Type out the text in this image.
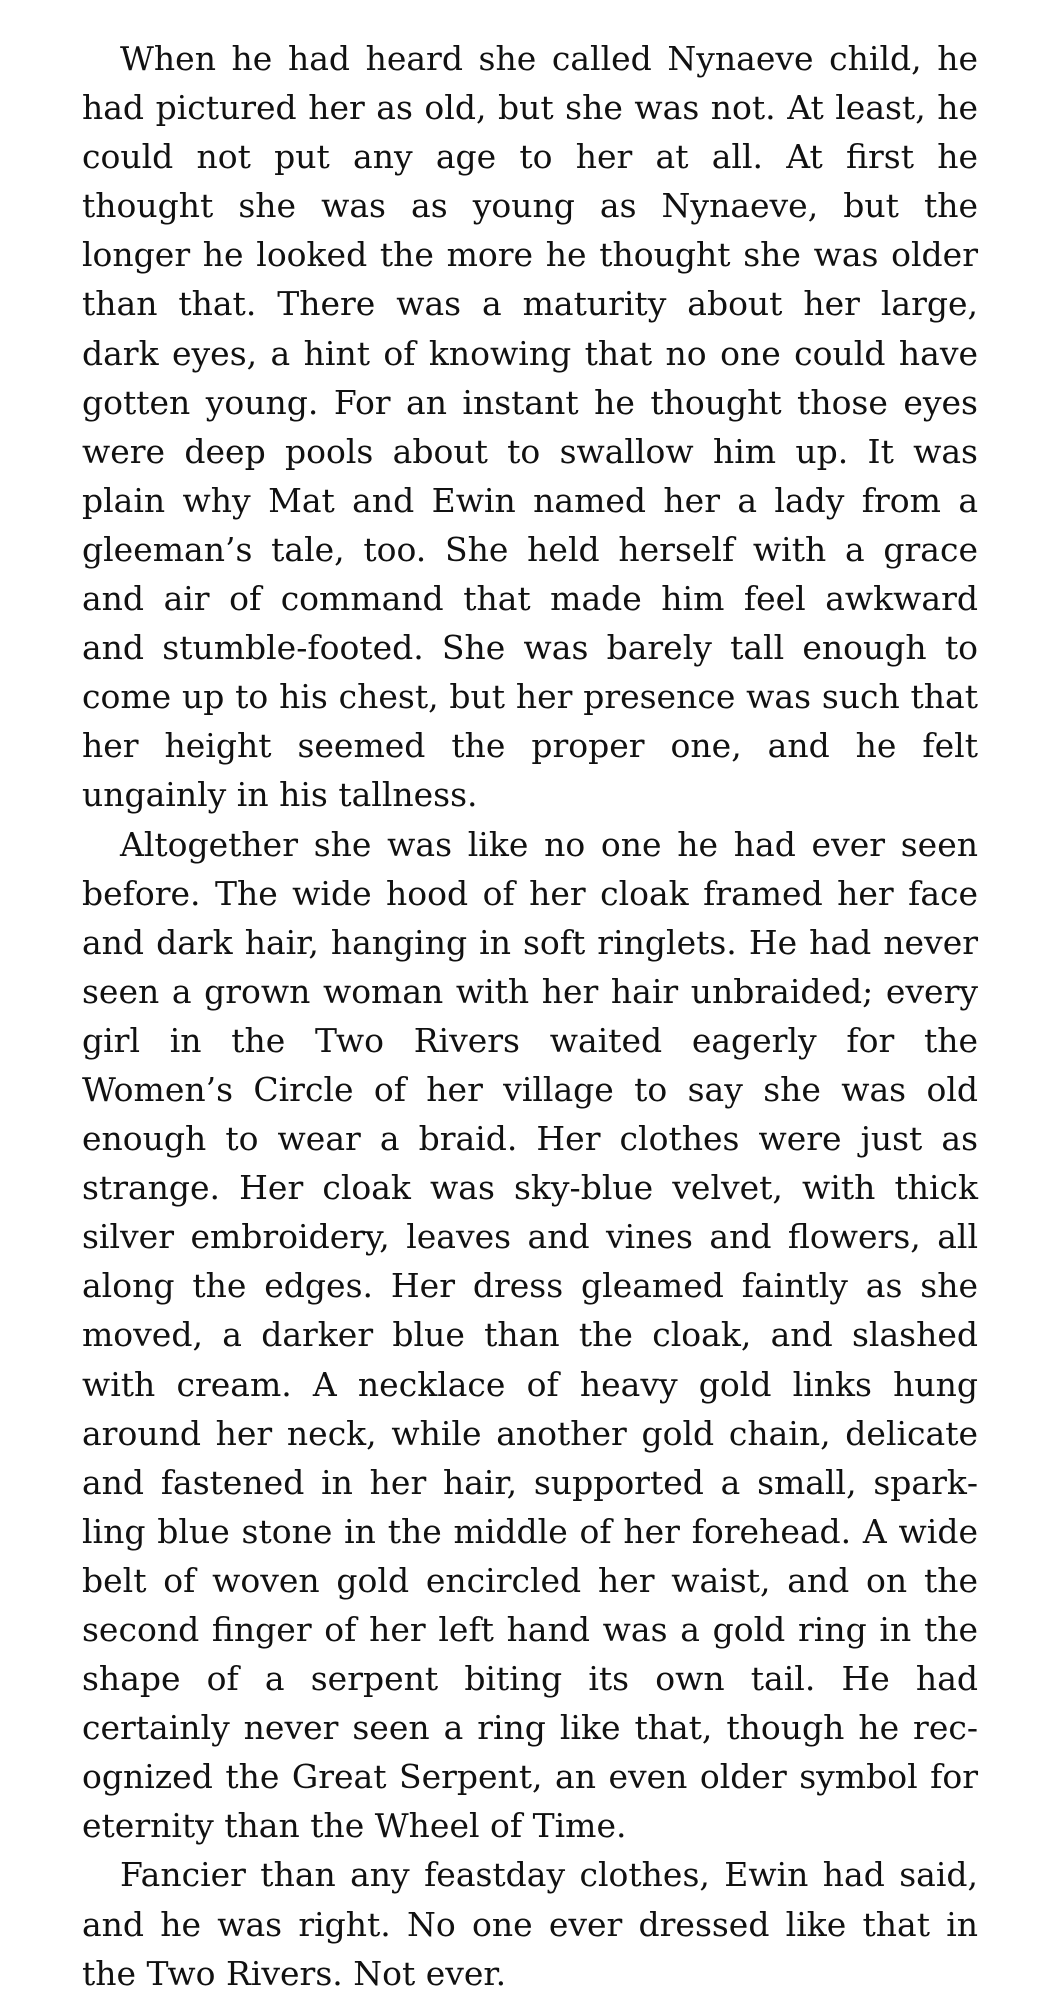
When he had heard she called Nynaeve child, he had pictured her as old, but she was not. At least, he could not put any age to her at all. At first he thought she was as young as Nynaeve, but the longer he looked the more he thought she was older than that. There was a maturity about her large, dark eyes, a hint of knowing that no one could have gotten young. For an instant he thought those eyes were deep pools about to swallow him up. It was plain why Mat and Ewin named her a lady from a gleeman’s tale, too. She held herself with a grace and air of command that made him feel awkward and stumble-footed. She was barely tall enough to come up to his chest, but her presence was such that her height seemed the proper one, and he felt ungainly in his tallness.

Altogether she was like no one he had ever seen before. The wide hood of her cloak framed her face and dark hair, hanging in soft ringlets. He had never seen a grown woman with her hair unbraided; every girl in the Two Rivers waited eagerly for the Women’s Circle of her village to say she was old enough to wear a braid. Her clothes were just as strange. Her cloak was sky-blue velvet, with thick silver embroidery, leaves and vines and flowers, all along the edges. Her dress gleamed faintly as she moved, a darker blue than the cloak, and slashed with cream. A necklace of heavy gold links hung around her neck, while another gold chain, delicate and fastened in her hair, supported a small, sparkling blue stone in the middle of her forehead. A wide belt of woven gold encircled her waist, and on the second finger of her left hand was a gold ring in the shape of a serpent biting its own tail. He had certainly never seen a ring like that, though he recognized the Great Serpent, an even older symbol for eternity than the Wheel of Time.

Fancier than any feastday clothes, Ewin had said, and he was right. No one ever dressed like that in the Two Rivers. Not ever.
